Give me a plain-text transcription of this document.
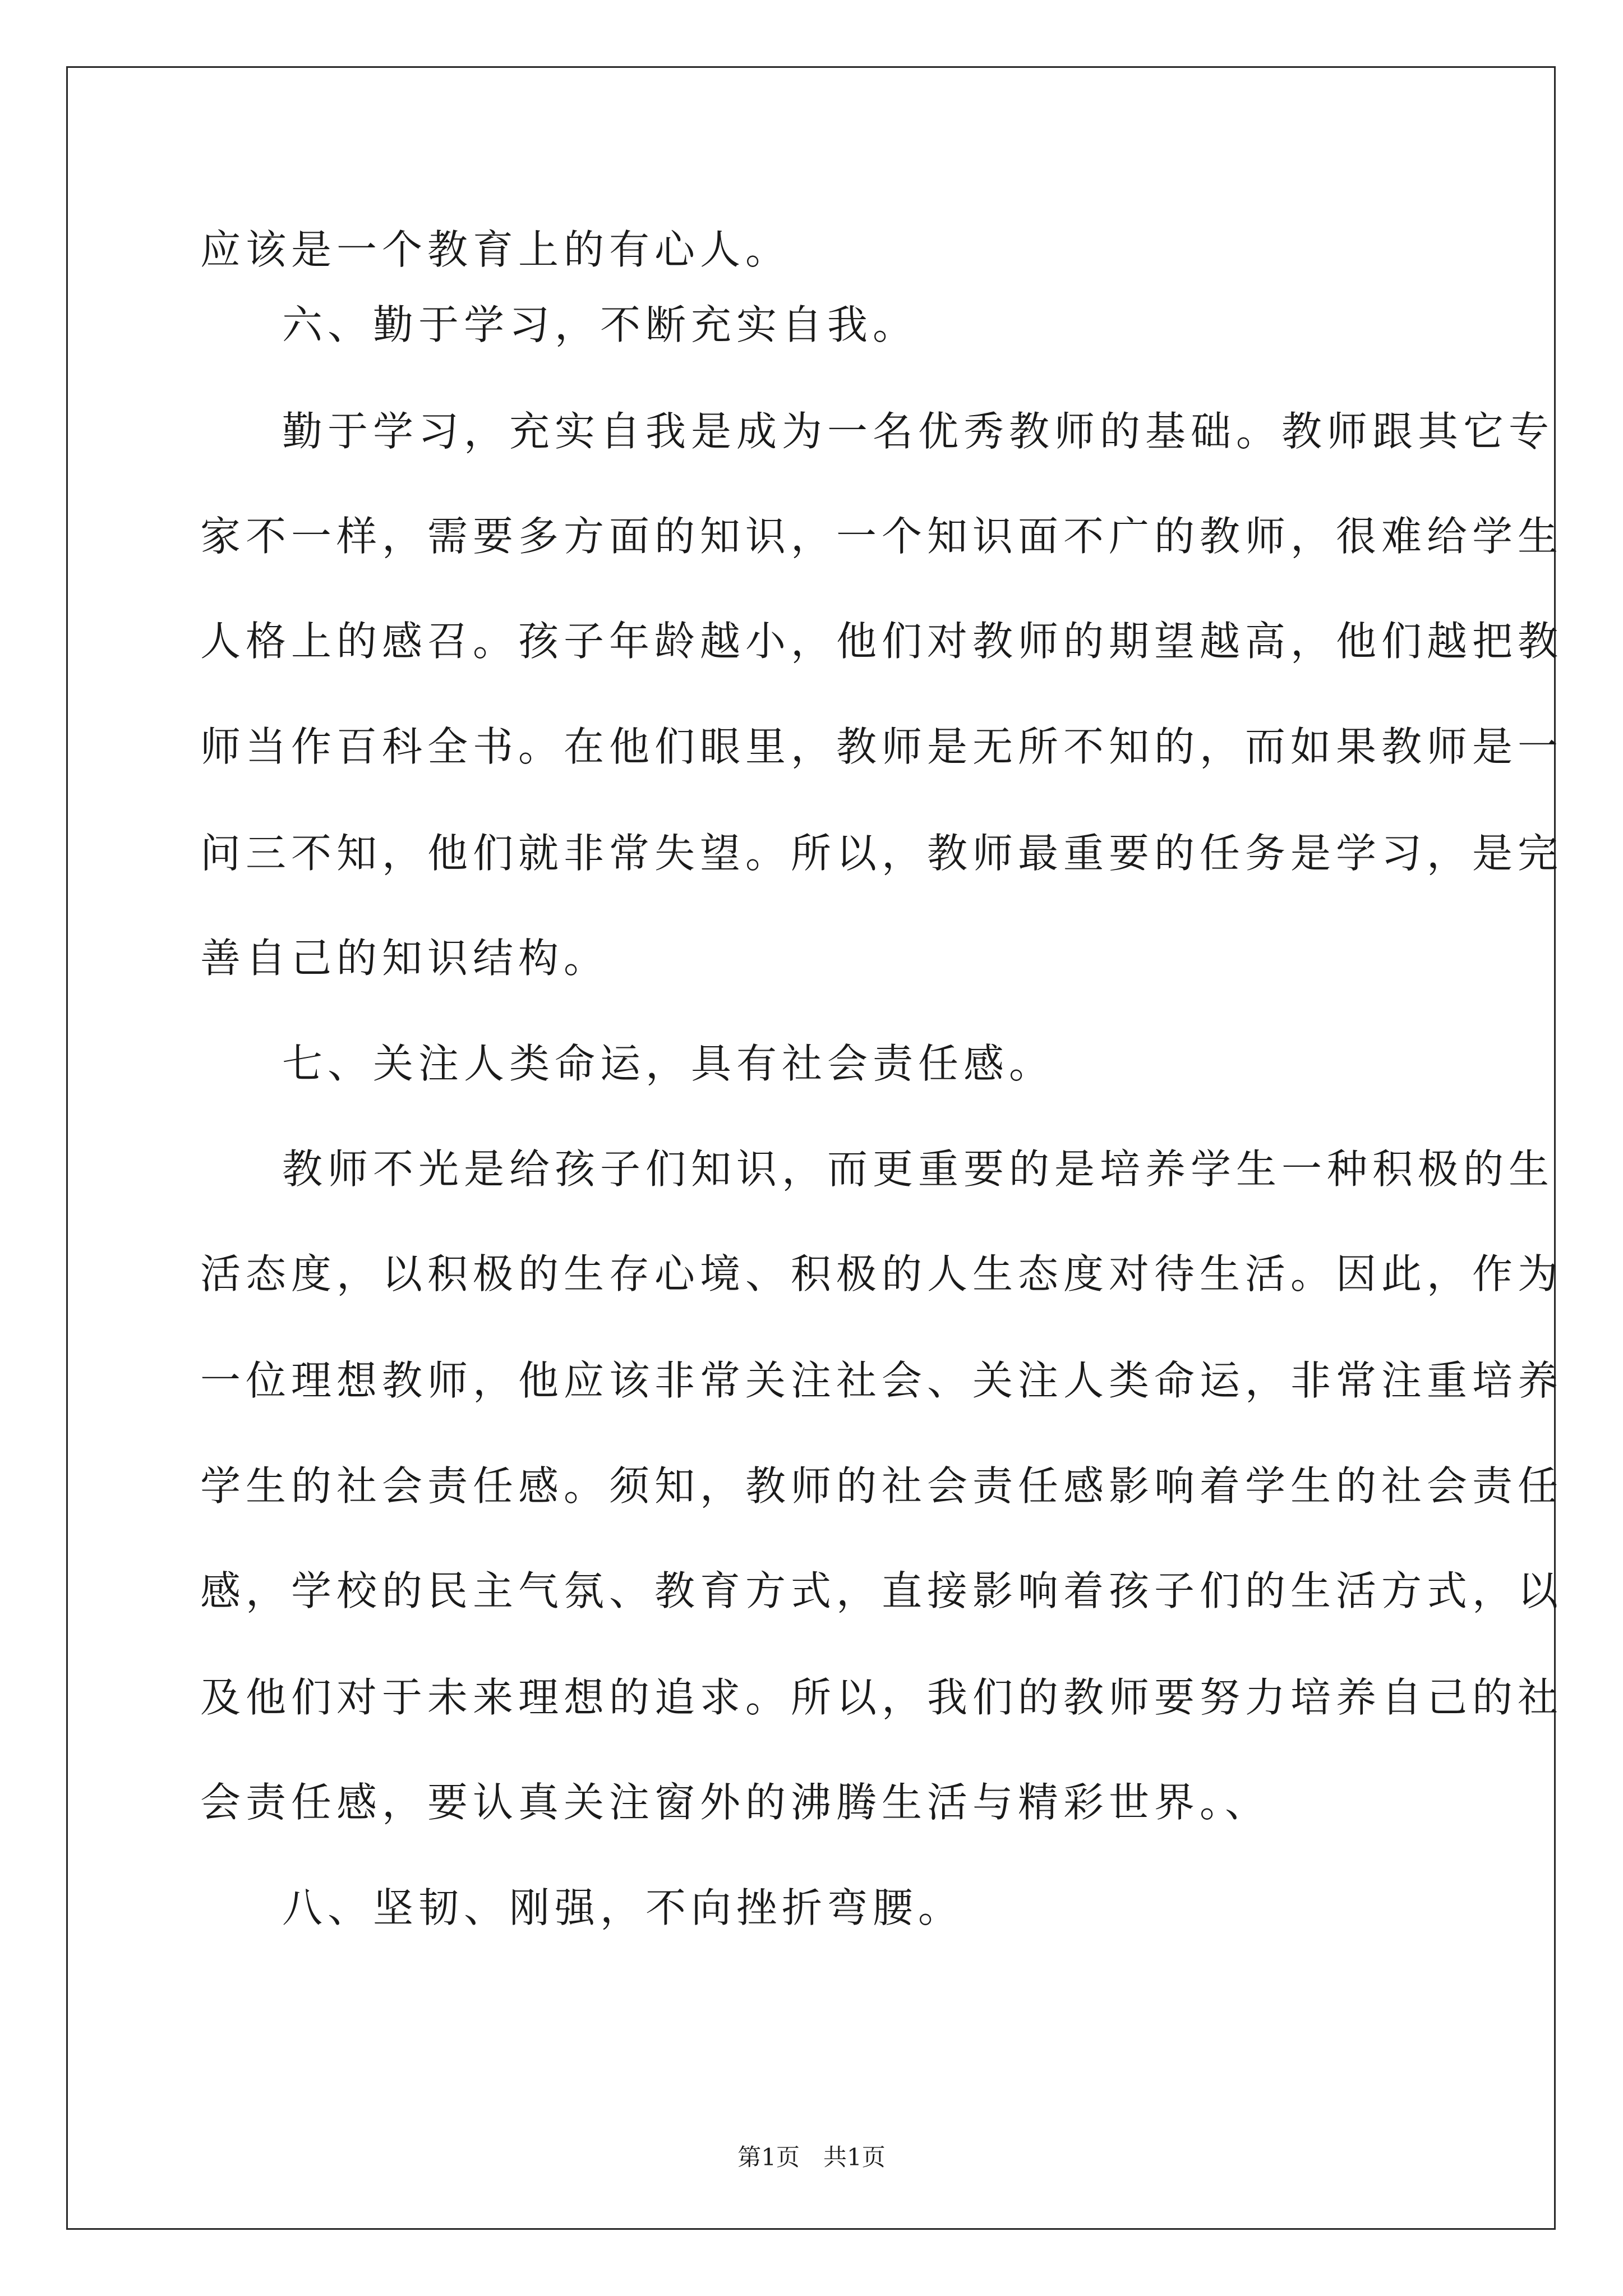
应该是一个教育上的有心人。
六、勤于学习，不断充实自我。
勤于学习，充实自我是成为一名优秀教师的基础。教师跟其它专
家不一样，需要多方面的知识，一个知识面不广的教师，很难给学生
人格上的感召。孩子年龄越小，他们对教师的期望越高，他们越把教
师当作百科全书。在他们眼里，教师是无所不知的，而如果教师是一
问三不知，他们就非常失望。所以，教师最重要的任务是学习，是完
善自己的知识结构。
七、关注人类命运，具有社会责任感。
教师不光是给孩子们知识，而更重要的是培养学生一种积极的生
活态度，以积极的生存心境、积极的人生态度对待生活。因此，作为
一位理想教师，他应该非常关注社会、关注人类命运，非常注重培养
学生的社会责任感。须知，教师的社会责任感影响着学生的社会责任
感，学校的民主气氛、教育方式，直接影响着孩子们的生活方式，以
及他们对于未来理想的追求。所以，我们的教师要努力培养自己的社
会责任感，要认真关注窗外的沸腾生活与精彩世界。、
八、坚韧、刚强，不向挫折弯腰。
第1页　共1页
